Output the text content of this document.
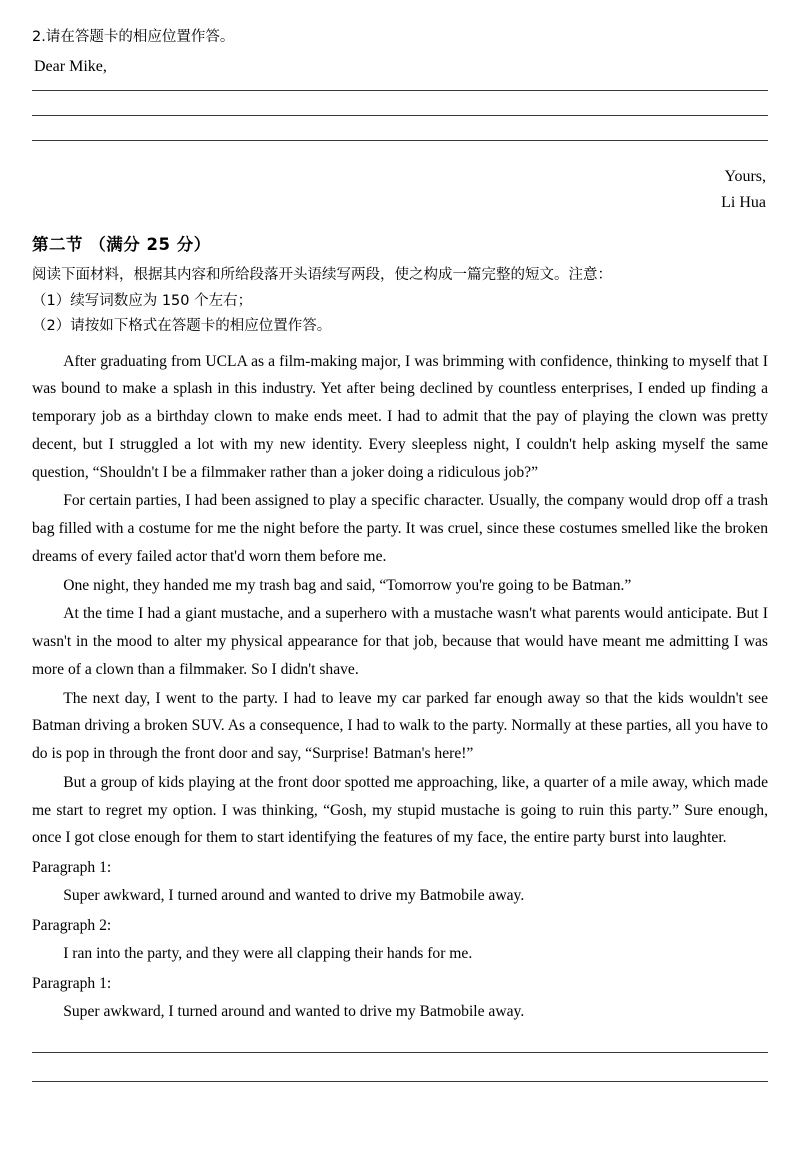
2.请在答题卡的相应位置作答。

Dear Mike,

Yours,

Li Hua

第二节 （满分 25 分）

阅读下面材料，根据其内容和所给段落开头语续写两段，使之构成一篇完整的短文。注意：

（1）续写词数应为 150 个左右；

（2）请按如下格式在答题卡的相应位置作答。

After graduating from UCLA as a film-making major, I was brimming with confidence, thinking to myself that I was bound to make a splash in this industry. Yet after being declined by countless enterprises, I ended up finding a temporary job as a birthday clown to make ends meet. I had to admit that the pay of playing the clown was pretty decent, but I struggled a lot with my new identity. Every sleepless night, I couldn't help asking myself the same question, “Shouldn't I be a filmmaker rather than a joker doing a ridiculous job?”

For certain parties, I had been assigned to play a specific character. Usually, the company would drop off a trash bag filled with a costume for me the night before the party. It was cruel, since these costumes smelled like the broken dreams of every failed actor that'd worn them before me.

One night, they handed me my trash bag and said, “Tomorrow you're going to be Batman.”

At the time I had a giant mustache, and a superhero with a mustache wasn't what parents would anticipate. But I wasn't in the mood to alter my physical appearance for that job, because that would have meant me admitting I was more of a clown than a filmmaker. So I didn't shave.

The next day, I went to the party. I had to leave my car parked far enough away so that the kids wouldn't see Batman driving a broken SUV. As a consequence, I had to walk to the party. Normally at these parties, all you have to do is pop in through the front door and say, “Surprise! Batman's here!”

But a group of kids playing at the front door spotted me approaching, like, a quarter of a mile away, which made me start to regret my option. I was thinking, “Gosh, my stupid mustache is going to ruin this party.” Sure enough, once I got close enough for them to start identifying the features of my face, the entire party burst into laughter.

Paragraph 1:

Super awkward, I turned around and wanted to drive my Batmobile away.

Paragraph 2:

I ran into the party, and they were all clapping their hands for me.

Paragraph 1:

Super awkward, I turned around and wanted to drive my Batmobile away.
